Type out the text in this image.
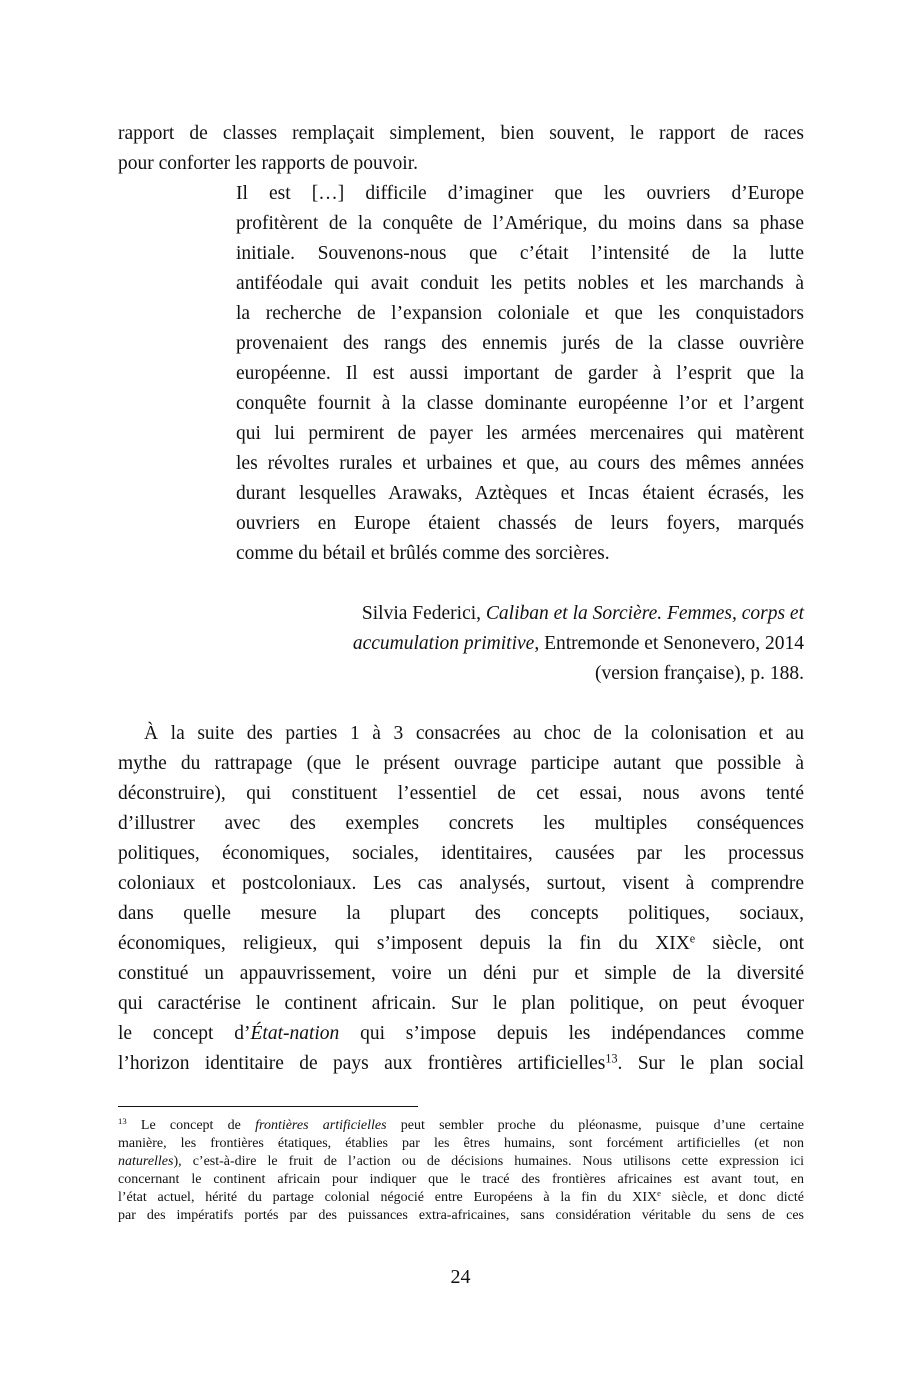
rapport de classes remplaçait simplement, bien souvent, le rapport de races
pour conforter les rapports de pouvoir.

Il est […] difficile d’imaginer que les ouvriers d’Europe
profitèrent de la conquête de l’Amérique, du moins dans sa phase
initiale. Souvenons-nous que c’était l’intensité de la lutte
antiféodale qui avait conduit les petits nobles et les marchands à
la recherche de l’expansion coloniale et que les conquistadors
provenaient des rangs des ennemis jurés de la classe ouvrière
européenne. Il est aussi important de garder à l’esprit que la
conquête fournit à la classe dominante européenne l’or et l’argent
qui lui permirent de payer les armées mercenaires qui matèrent
les révoltes rurales et urbaines et que, au cours des mêmes années
durant lesquelles Arawaks, Aztèques et Incas étaient écrasés, les
ouvriers en Europe étaient chassés de leurs foyers, marqués
comme du bétail et brûlés comme des sorcières.

Silvia Federici, Caliban et la Sorcière. Femmes, corps et
accumulation primitive, Entremonde et Senonevero, 2014
(version française), p. 188.

À la suite des parties 1 à 3 consacrées au choc de la colonisation et au
mythe du rattrapage (que le présent ouvrage participe autant que possible à
déconstruire), qui constituent l’essentiel de cet essai, nous avons tenté
d’illustrer avec des exemples concrets les multiples conséquences
politiques, économiques, sociales, identitaires, causées par les processus
coloniaux et postcoloniaux. Les cas analysés, surtout, visent à comprendre
dans quelle mesure la plupart des concepts politiques, sociaux,
économiques, religieux, qui s’imposent depuis la fin du XIXe siècle, ont
constitué un appauvrissement, voire un déni pur et simple de la diversité
qui caractérise le continent africain. Sur le plan politique, on peut évoquer
le concept d’État-nation qui s’impose depuis les indépendances comme
l’horizon identitaire de pays aux frontières artificielles$^{13}$. Sur le plan social

$^{13}$ Le concept de frontières artificielles peut sembler proche du pléonasme, puisque d’une certaine
manière, les frontières étatiques, établies par les êtres humains, sont forcément artificielles (et non
naturelles), c’est-à-dire le fruit de l’action ou de décisions humaines. Nous utilisons cette expression ici
concernant le continent africain pour indiquer que le tracé des frontières africaines est avant tout, en
l’état actuel, hérité du partage colonial négocié entre Européens à la fin du XIXe siècle, et donc dicté
par des impératifs portés par des puissances extra-africaines, sans considération véritable du sens de ces

24
